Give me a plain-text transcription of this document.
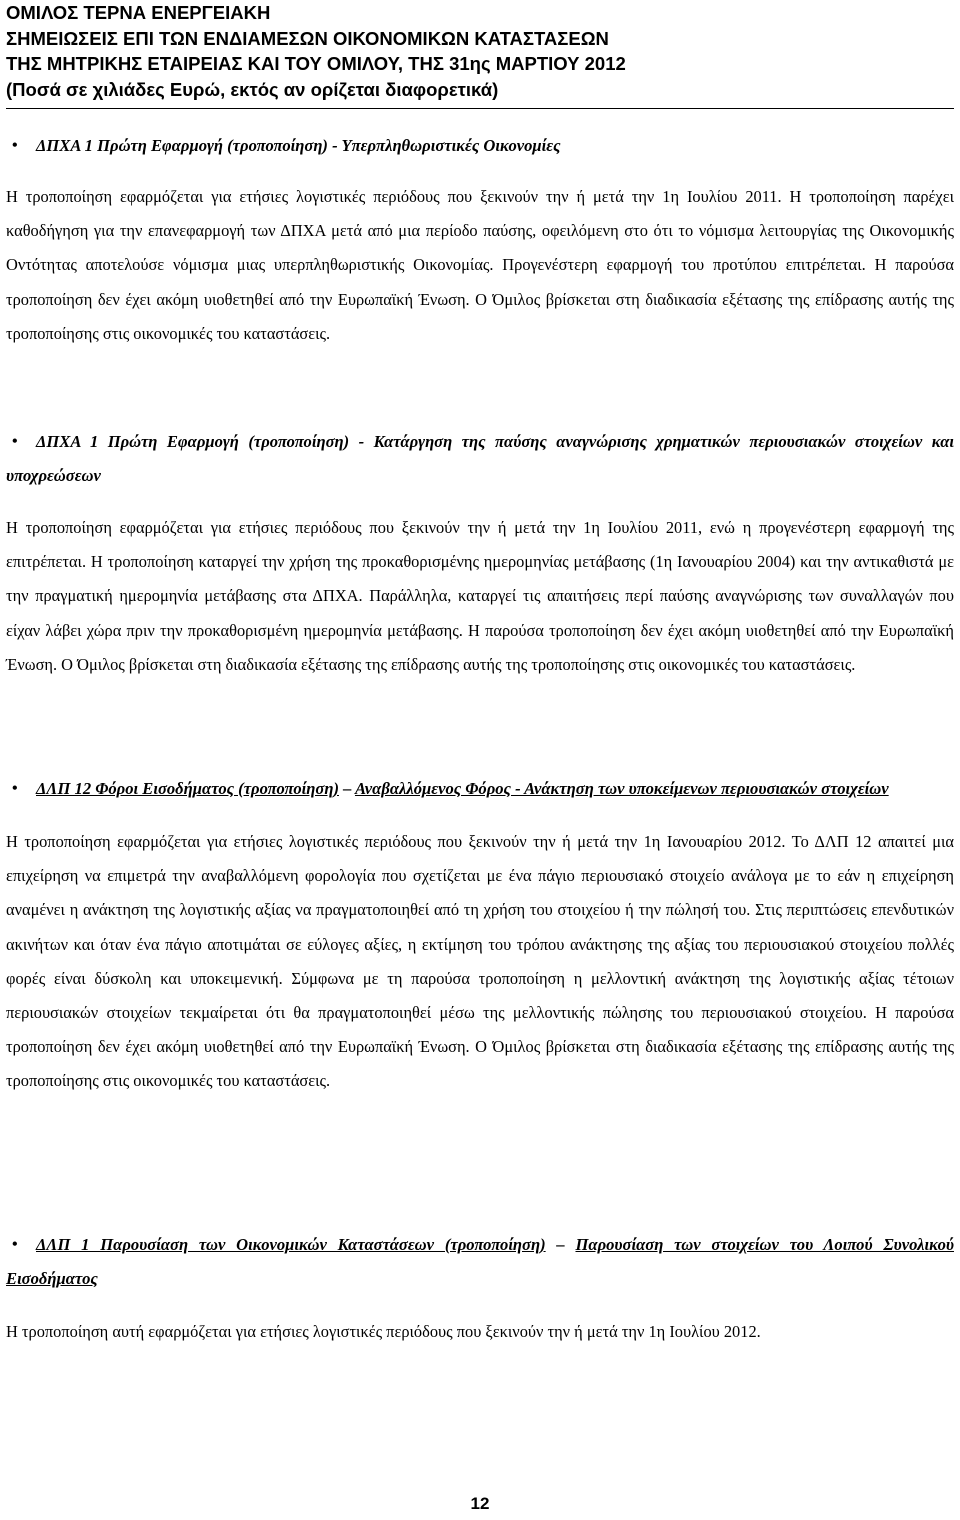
ΟΜΙΛΟΣ ΤΕΡΝΑ ΕΝΕΡΓΕΙΑΚΗ
ΣΗΜΕΙΩΣΕΙΣ ΕΠΙ ΤΩΝ ΕΝΔΙΑΜΕΣΩΝ ΟΙΚΟΝΟΜΙΚΩΝ ΚΑΤΑΣΤΑΣΕΩΝ
ΤΗΣ ΜΗΤΡΙΚΗΣ ΕΤΑΙΡΕΙΑΣ ΚΑΙ ΤΟΥ ΟΜΙΛΟΥ, ΤΗΣ 31ης ΜΑΡΤΙΟΥ 2012
(Ποσά σε χιλιάδες Ευρώ, εκτός αν ορίζεται διαφορετικά)
•	ΔΠΧΑ 1 Πρώτη Εφαρμογή (τροποποίηση) - Υπερπληθωριστικές Οικονομίες
Η τροποποίηση εφαρμόζεται για ετήσιες λογιστικές περιόδους που ξεκινούν την ή μετά την 1η Ιουλίου 2011. Η τροποποίηση παρέχει καθοδήγηση για την επανεφαρμογή των ΔΠΧΑ μετά από μια περίοδο παύσης, οφειλόμενη στο ότι το νόμισμα λειτουργίας της Οικονομικής Οντότητας αποτελούσε νόμισμα μιας υπερπληθωριστικής Οικονομίας. Προγενέστερη εφαρμογή του προτύπου επιτρέπεται. Η παρούσα τροποποίηση δεν έχει ακόμη υιοθετηθεί από την Ευρωπαϊκή Ένωση. Ο Όμιλος βρίσκεται στη διαδικασία εξέτασης της επίδρασης αυτής της τροποποίησης στις οικονομικές του καταστάσεις.
• ΔΠΧΑ 1 Πρώτη Εφαρμογή (τροποποίηση) - Κατάργηση της παύσης αναγνώρισης χρηματικών περιουσιακών στοιχείων και υποχρεώσεων
Η τροποποίηση εφαρμόζεται για ετήσιες περιόδους που ξεκινούν την ή μετά την 1η Ιουλίου 2011, ενώ η προγενέστερη εφαρμογή της επιτρέπεται. Η τροποποίηση καταργεί την χρήση της προκαθορισμένης ημερομηνίας μετάβασης (1η Ιανουαρίου 2004) και την αντικαθιστά με την πραγματική ημερομηνία μετάβασης στα ΔΠΧΑ. Παράλληλα, καταργεί τις απαιτήσεις περί παύσης αναγνώρισης των συναλλαγών που είχαν λάβει χώρα πριν την προκαθορισμένη ημερομηνία μετάβασης. Η παρούσα τροποποίηση δεν έχει ακόμη υιοθετηθεί από την Ευρωπαϊκή Ένωση. Ο Όμιλος βρίσκεται στη διαδικασία εξέτασης της επίδρασης αυτής της τροποποίησης στις οικονομικές του καταστάσεις.
• ΔΛΠ 12 Φόροι Εισοδήματος (τροποποίηση) – Αναβαλλόμενος Φόρος - Ανάκτηση των υποκείμενων περιουσιακών στοιχείων
Η τροποποίηση εφαρμόζεται για ετήσιες λογιστικές περιόδους που ξεκινούν την ή μετά την 1η Ιανουαρίου 2012. Το ΔΛΠ 12 απαιτεί μια επιχείρηση να επιμετρά την αναβαλλόμενη φορολογία που σχετίζεται με ένα πάγιο περιουσιακό στοιχείο ανάλογα με το εάν η επιχείρηση αναμένει η ανάκτηση της λογιστικής αξίας να πραγματοποιηθεί από τη χρήση του στοιχείου ή την πώλησή του. Στις περιπτώσεις επενδυτικών ακινήτων και όταν ένα πάγιο αποτιμάται σε εύλογες αξίες, η εκτίμηση του τρόπου ανάκτησης της αξίας του περιουσιακού στοιχείου πολλές φορές είναι δύσκολη και υποκειμενική. Σύμφωνα με τη παρούσα τροποποίηση η μελλοντική ανάκτηση της λογιστικής αξίας τέτοιων περιουσιακών στοιχείων τεκμαίρεται ότι θα πραγματοποιηθεί μέσω της μελλοντικής πώλησης του περιουσιακού στοιχείου. Η παρούσα τροποποίηση δεν έχει ακόμη υιοθετηθεί από την Ευρωπαϊκή Ένωση. Ο Όμιλος βρίσκεται στη διαδικασία εξέτασης της επίδρασης αυτής της τροποποίησης στις οικονομικές του καταστάσεις.
• ΔΛΠ 1 Παρουσίαση των Οικονομικών Καταστάσεων (τροποποίηση) – Παρουσίαση των στοιχείων του Λοιπού Συνολικού Εισοδήματος
Η τροποποίηση αυτή εφαρμόζεται για ετήσιες λογιστικές περιόδους που ξεκινούν την ή μετά την 1η Ιουλίου 2012.
12
